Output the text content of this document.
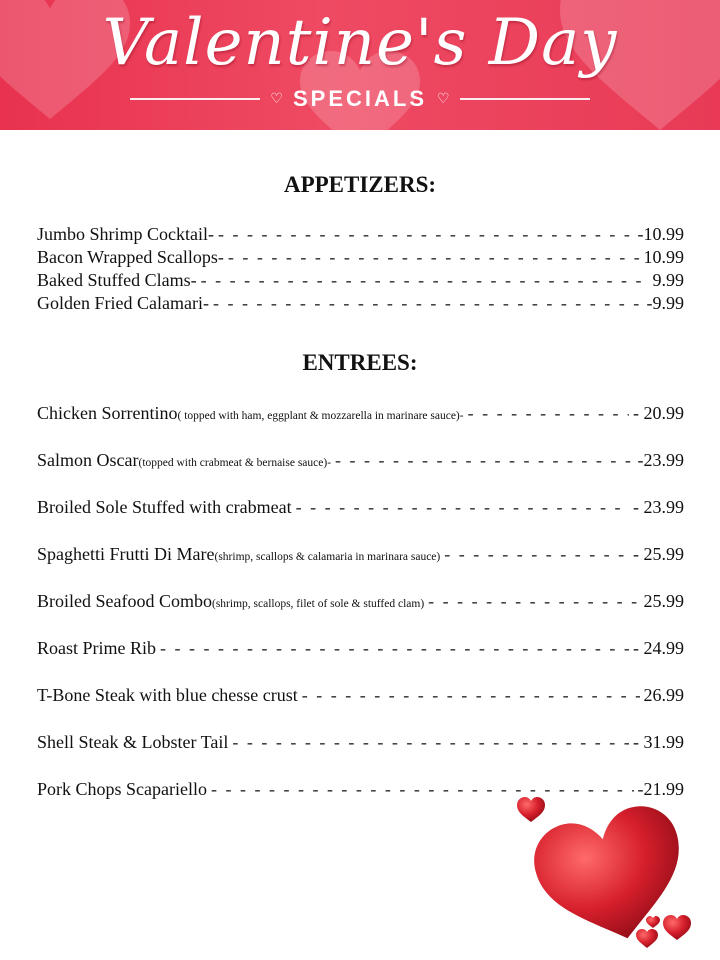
Valentine's Day
♡ SPECIALS ♡
APPETIZERS:
Jumbo Shrimp Cocktail- - - -	- 10.99
Bacon Wrapped Scallops- - - -	10.99
Baked Stuffed Clams- - - -	9.99
Golden Fried Calamari- - - -	- 9.99
ENTREES:
Chicken Sorrentino ( topped with ham, eggplant & mozzarella in marinare sauce)- - - -	- 20.99
Salmon Oscar (topped with crabmeat & bernaise sauce)- - - -	- 23.99
Broiled Sole Stuffed with crabmeat - - -	- 23.99
Spaghetti Frutti Di Mare (shrimp, scallops & calamaria in marinara sauce) - - -	- 25.99
Broiled Seafood Combo (shrimp, scallops, filet of sole & stuffed clam) - - -	25.99
Roast Prime Rib - - -	- 24.99
T-Bone Steak with blue chesse crust - - -	26.99
Shell Steak & Lobster Tail - - -	- 31.99
Pork Chops Scapariello - - -	- 21.99
